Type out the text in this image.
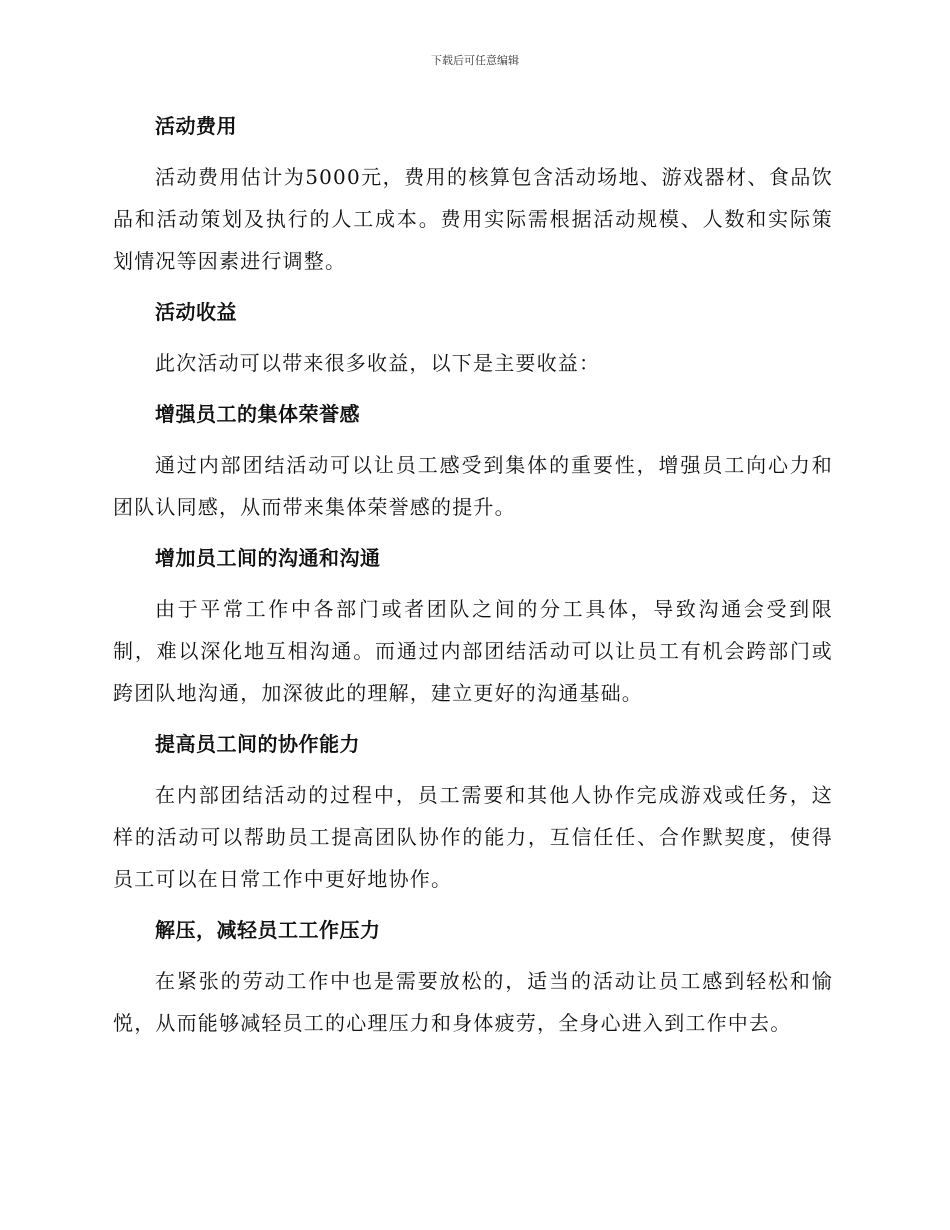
下载后可任意编辑
活动费用
活动费用估计为5000元，费用的核算包含活动场地、游戏器材、食品饮品和活动策划及执行的人工成本。费用实际需根据活动规模、人数和实际策划情况等因素进行调整。
活动收益
此次活动可以带来很多收益，以下是主要收益：
增强员工的集体荣誉感
通过内部团结活动可以让员工感受到集体的重要性，增强员工向心力和团队认同感，从而带来集体荣誉感的提升。
增加员工间的沟通和沟通
由于平常工作中各部门或者团队之间的分工具体，导致沟通会受到限制，难以深化地互相沟通。而通过内部团结活动可以让员工有机会跨部门或跨团队地沟通，加深彼此的理解，建立更好的沟通基础。
提高员工间的协作能力
在内部团结活动的过程中，员工需要和其他人协作完成游戏或任务，这样的活动可以帮助员工提高团队协作的能力，互信任任、合作默契度，使得员工可以在日常工作中更好地协作。
解压，减轻员工工作压力
在紧张的劳动工作中也是需要放松的，适当的活动让员工感到轻松和愉悦，从而能够减轻员工的心理压力和身体疲劳，全身心进入到工作中去。
